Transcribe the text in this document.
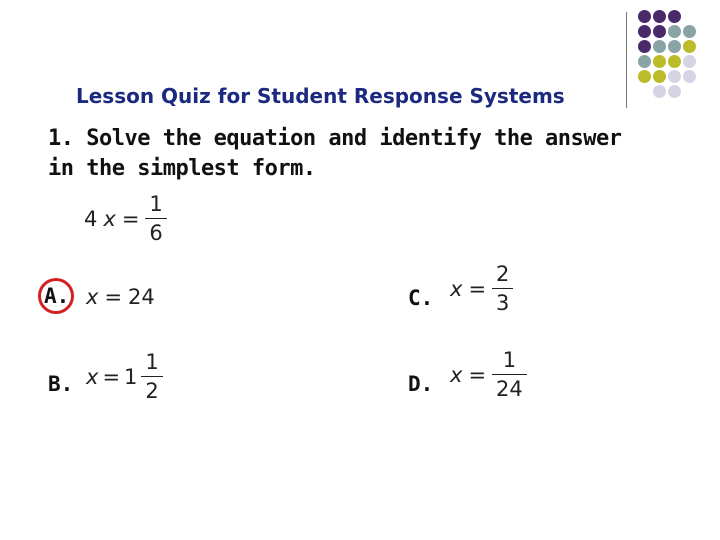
Lesson Quiz for Student Response Systems
1. Solve the equation and identify the answer
in the simplest form.
4 $x = \frac{1}{6}$
A. x = 24
B. $x = 1 \frac{1}{2}$
C. $x = \frac{2}{3}$
D. $x = \frac{1}{24}$
